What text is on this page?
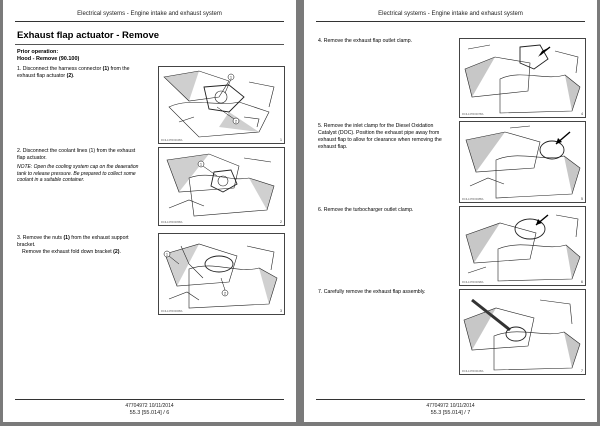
Electrical systems - Engine intake and exhaust system
Exhaust flap actuator - Remove
Prior operation:
Hood - Remove (90.100)
1. Disconnect the harness connector (1) from the exhaust flap actuator (2).	1
2
RCIL14TR0004BA	1
2. Disconnect the coolant lines (1) from the exhaust flap actuator.
NOTE: Open the cooling system cap on the deaeration tank to release pressure. Be prepared to collect some coolant in a suitable container.
1
RCIL14TR0005BA	2
3. Remove the nuts (1) from the exhaust support bracket.
Remove the exhaust fold down bracket (2).	1
2
RCIL14TR0006BA	3
47704972 10/11/2014
55.3 [55.014] / 6
Electrical systems - Engine intake and exhaust system
4. Remove the exhaust flap outlet clamp.
RCIL14TR0007BA	4
5. Remove the inlet clamp for the Diesel Oxidation Catalyst (DOC). Position the exhaust pipe away from exhaust flap to allow for clearance when removing the exhaust flap.
RCIL14TR0008BA	5
6. Remove the turbocharger outlet clamp.
RCIL14TR0009BA	6
7. Carefully remove the exhaust flap assembly.
RCIL14TR0010BA	7
47704972 10/11/2014
55.3 [55.014] / 7
